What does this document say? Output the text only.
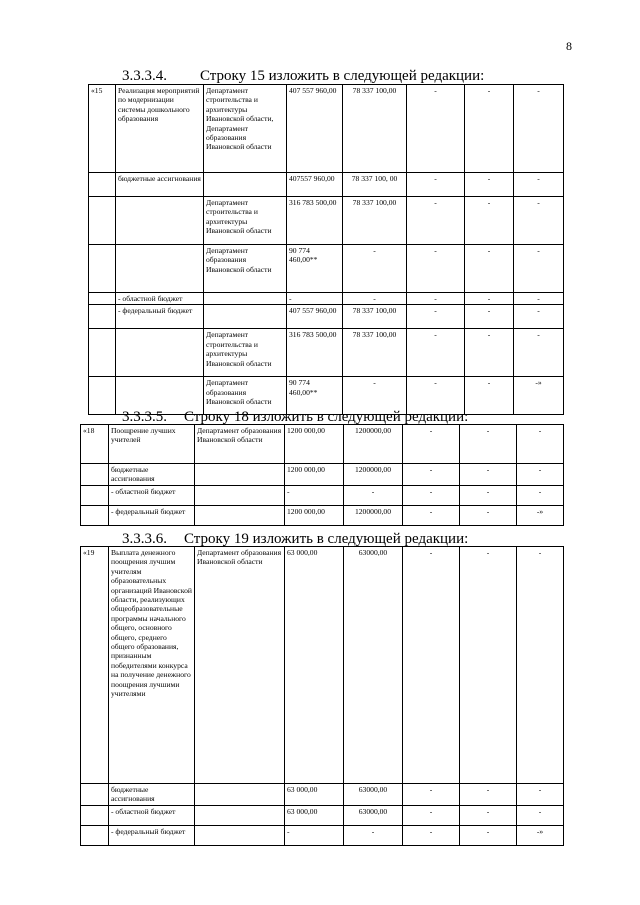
8
3.3.3.4. Строку 15 изложить в следующей редакции:
«15	Реализация мероприятий по модернизации системы дошкольного образования	Департамент строительства и архитектуры Ивановской области, Департамент образования Ивановской области	407 557 960,00	78 337 100,00	-	-	-
	бюджетные ассигнования		407557 960,00	78 337 100, 00	-	-	-
		Департамент строительства и архитектуры Ивановской области	316 783 500,00	78 337 100,00	-	-	-
		Департамент образования Ивановской области	90 774 460,00**	-	-	-	-
	- областной бюджет		-	-	-	-	-
	- федеральный бюджет		407 557 960,00	78 337 100,00	-	-	-
		Департамент строительства и архитектуры Ивановской области	316 783 500,00	78 337 100,00	-	-	-
		Департамент образования Ивановской области	90 774 460,00**	-	-	-	-»
3.3.3.5. Строку 18 изложить в следующей редакции:
«18	Поощрение лучших учителей	Департамент образования Ивановской области	1200 000,00	1200000,00	-	-	-
	бюджетные ассигнования		1200 000,00	1200000,00	-	-	-
	- областной бюджет		-	-	-	-	-
	- федеральный бюджет		1200 000,00	1200000,00	-	-	-»
3.3.3.6. Строку 19 изложить в следующей редакции:
«19	Выплата денежного поощрения лучшим учителям образовательных организаций Ивановской области, реализующих общеобразовательные программы начального общего, основного общего, среднего общего образования, признанным победителями конкурса на получение денежного поощрения лучшими учителями	Департамент образования Ивановской области	63 000,00	63000,00	-	-	-
	бюджетные ассигнования		63 000,00	63000,00	-	-	-
	- областной бюджет		63 000,00	63000,00	-	-	-
	- федеральный бюджет		-	-	-	-	-»
